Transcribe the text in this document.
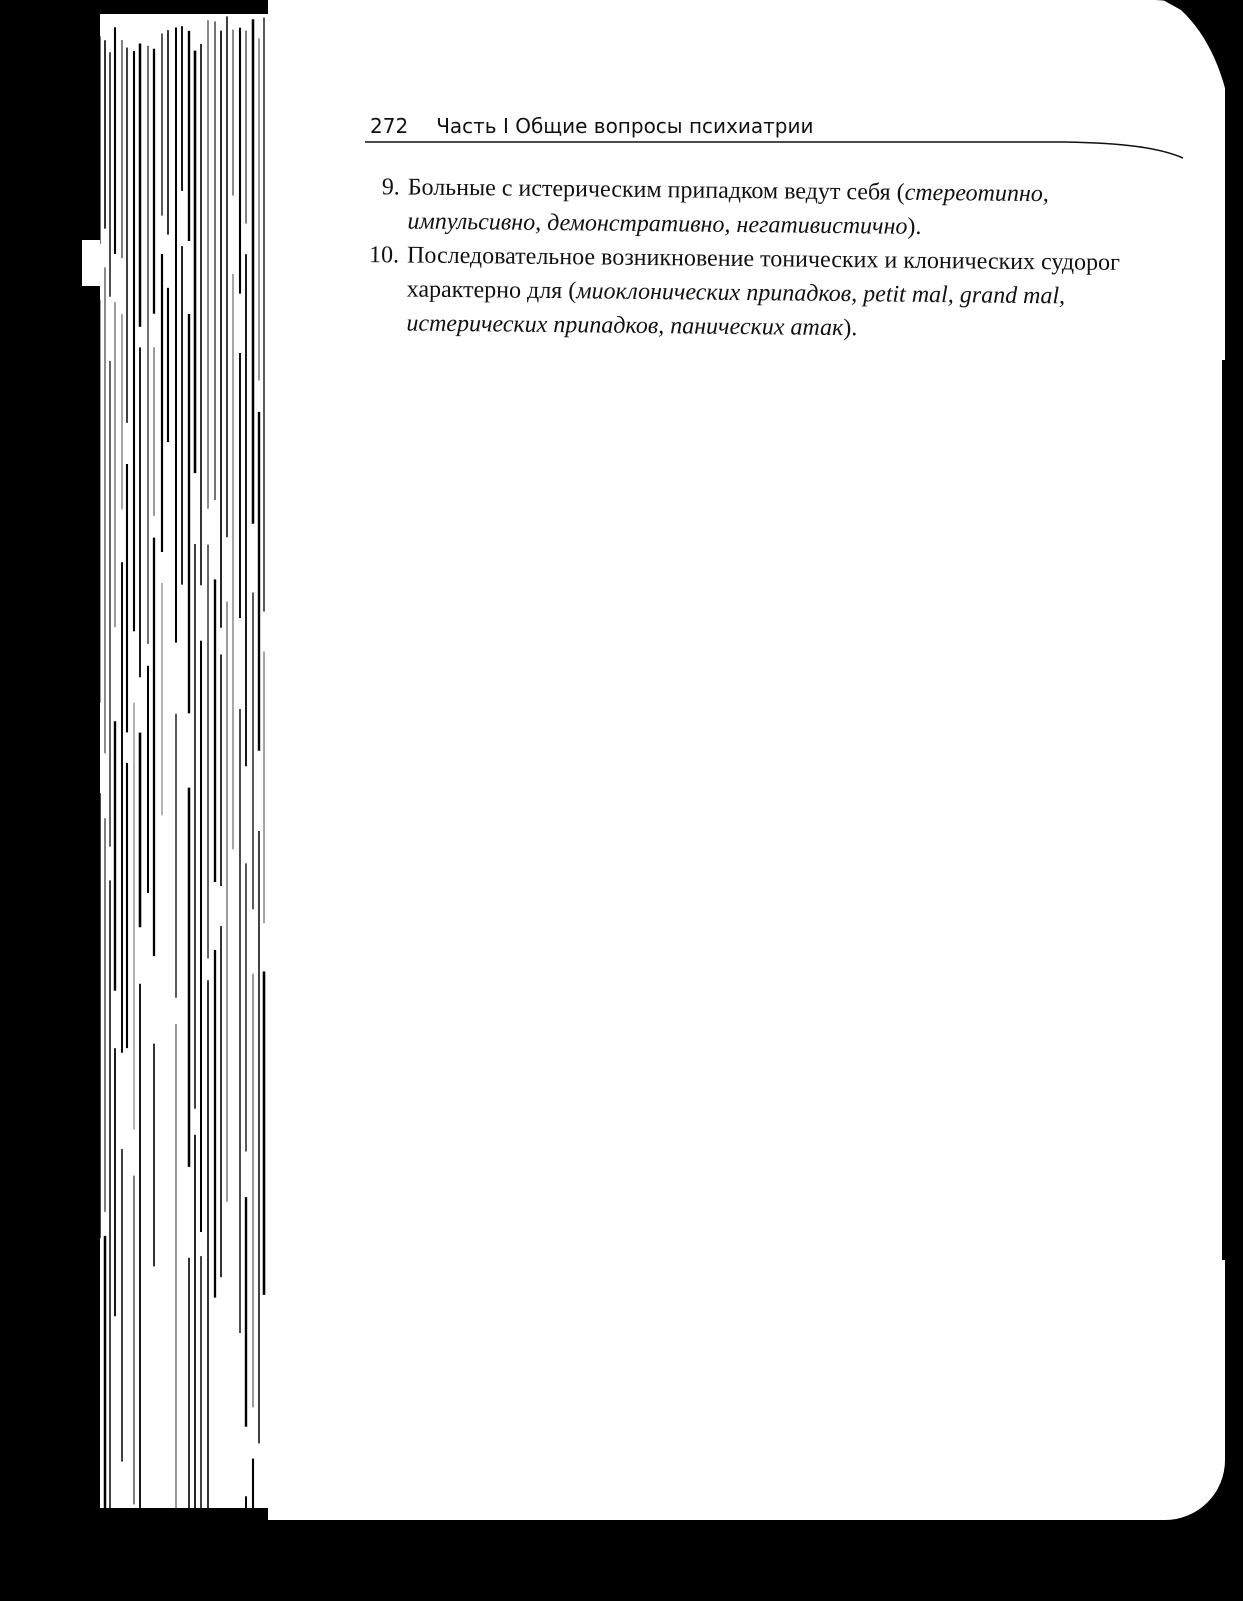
272 Часть I Общие вопросы психиатрии
9. Больные с истерическим припадком ведут себя (стереотипно, импульсивно, демонстративно, негативистично).
10. Последовательное возникновение тонических и клонических судорог характерно для (миоклонических припадков, petit mal, grand mal, истерических припадков, панических атак).
